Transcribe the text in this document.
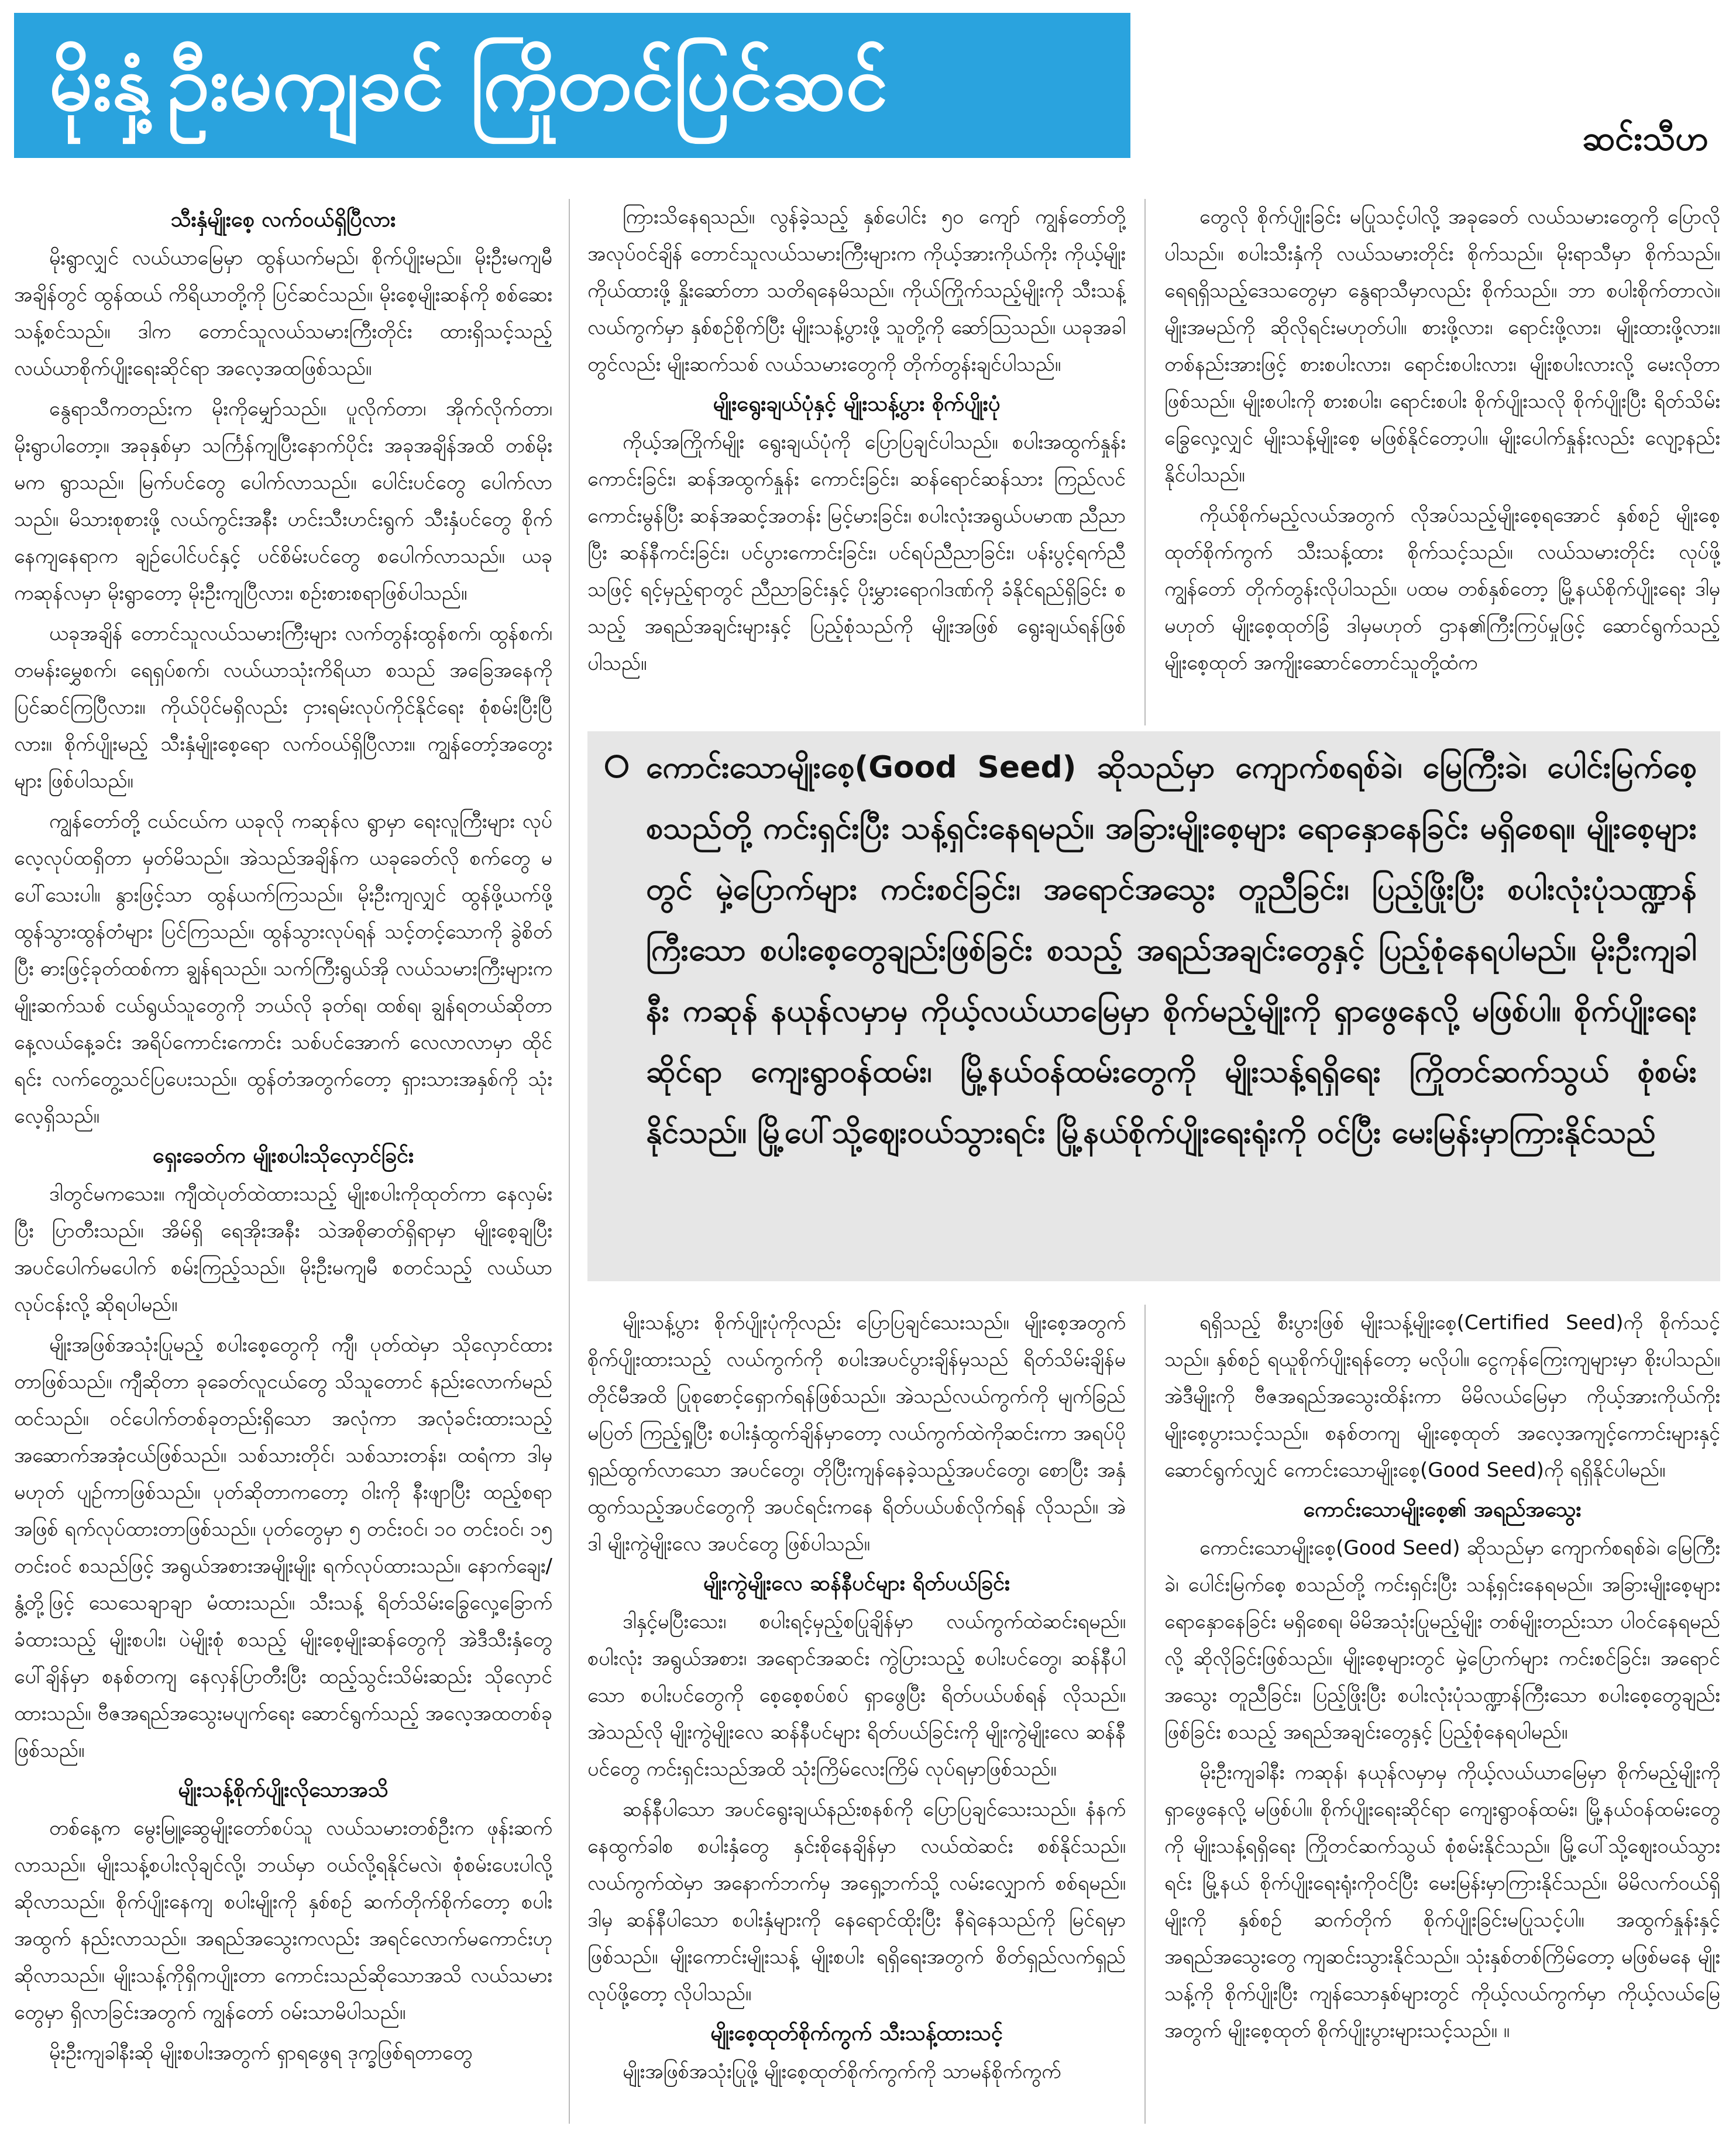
မိုးနှံ့ဦးမကျခင် ကြိုတင်ပြင်ဆင်
ဆင်းသီဟ
သီးနှံမျိုးစေ့ လက်ဝယ်ရှိပြီလား

မိုးရွာလျှင် လယ်ယာမြေမှာ ထွန်ယက်မည်၊ စိုက်ပျိုးမည်။ မိုးဦးမကျမီ အချိန်တွင် ထွန်ထယ် ကိရိယာတို့ကို ပြင်ဆင်သည်။ မိုးစေ့မျိုးဆန်ကို စစ်ဆေးသန့်စင်သည်။ ဒါက တောင်သူလယ်သမားကြီးတိုင်း ထားရှိသင့်သည့် လယ်ယာစိုက်ပျိုးရေးဆိုင်ရာ အလေ့အထဖြစ်သည်။

နွေရာသီကတည်းက မိုးကိုမျှော်သည်။ ပူလိုက်တာ၊ အိုက်လိုက်တာ၊ မိုးရွာပါတော့။ အခုနှစ်မှာ သင်္ကြန်ကျပြီးနောက်ပိုင်း အခုအချိန်အထိ တစ်မိုးမက ရွာသည်။ မြက်ပင်တွေ ပေါက်လာသည်။ ပေါင်းပင်တွေ ပေါက်လာသည်။ မိသားစုစားဖို့ လယ်ကွင်းအနီး ဟင်းသီးဟင်းရွက် သီးနှံပင်တွေ စိုက်နေကျနေရာက ချဉ်ပေါင်ပင်နှင့် ပင်စိမ်းပင်တွေ စပေါက်လာသည်။ ယခု ကဆုန်လမှာ မိုးရွာတော့ မိုးဦးကျပြီလား၊ စဉ်းစားစရာဖြစ်ပါသည်။

ယခုအချိန် တောင်သူလယ်သမားကြီးများ လက်တွန်းထွန်စက်၊ ထွန်စက်၊ တမန်းမွှေစက်၊ ရေရှပ်စက်၊ လယ်ယာသုံးကိရိယာ စသည် အခြေအနေကို ပြင်ဆင်ကြပြီလား။ ကိုယ်ပိုင်မရှိလည်း ငှားရမ်းလုပ်ကိုင်နိုင်ရေး စုံစမ်းပြီးပြီလား။ စိုက်ပျိုးမည့် သီးနှံမျိုးစေ့ရော လက်ဝယ်ရှိပြီလား။ ကျွန်တော့်အတွေးများ ဖြစ်ပါသည်။

ကျွန်တော်တို့ ငယ်ငယ်က ယခုလို ကဆုန်လ ရွာမှာ ရေးလူကြီးများ လုပ်လေ့လုပ်ထရှိတာ မှတ်မိသည်။ အဲသည်အချိန်က ယခုခေတ်လို စက်တွေ မပေါ်သေးပါ။ နွားဖြင့်သာ ထွန်ယက်ကြသည်။ မိုးဦးကျလျှင် ထွန်ဖို့ယက်ဖို့ ထွန်သွားထွန်တံများ ပြင်ကြသည်။ ထွန်သွားလုပ်ရန် သင့်တင့်သောကို ခွဲစိတ်ပြီး ဓားဖြင့်ခုတ်ထစ်ကာ ချွန်ရသည်။ သက်ကြီးရွယ်အို လယ်သမားကြီးများက မျိုးဆက်သစ် ငယ်ရွယ်သူတွေကို ဘယ်လို ခုတ်ရ၊ ထစ်ရ၊ ချွန်ရတယ်ဆိုတာ နေ့လယ်နေ့ခင်း အရိပ်ကောင်းကောင်း သစ်ပင်အောက် လေလာလာမှာ ထိုင်ရင်း လက်တွေ့သင်ပြပေးသည်။ ထွန်တံအတွက်တော့ ရှားသားအနှစ်ကို သုံးလေ့ရှိသည်။

ရှေးခေတ်က မျိုးစပါးသိုလှောင်ခြင်း

ဒါတွင်မကသေး။ ကျီထဲပုတ်ထဲထားသည့် မျိုးစပါးကိုထုတ်ကာ နေလှမ်းပြီး ပြာတီးသည်။ အိမ်ရှိ ရေအိုးအနီး သဲအစိုဓာတ်ရှိရာမှာ မျိုးစေ့ချပြီး အပင်ပေါက်မပေါက် စမ်းကြည့်သည်။ မိုးဦးမကျမီ စတင်သည့် လယ်ယာလုပ်ငန်းလို့ ဆိုရပါမည်။

မျိုးအဖြစ်အသုံးပြုမည့် စပါးစေ့တွေကို ကျီ၊ ပုတ်ထဲမှာ သိုလှောင်ထားတာဖြစ်သည်။ ကျီဆိုတာ ခုခေတ်လူငယ်တွေ သိသူတောင် နည်းလောက်မည်ထင်သည်။ ဝင်ပေါက်တစ်ခုတည်းရှိသော အလုံကာ အလုံခင်းထားသည့် အဆောက်အအုံငယ်ဖြစ်သည်။ သစ်သားတိုင်၊ သစ်သားတန်း၊ ထရံကာ ဒါမှမဟုတ် ပျဉ်ကာဖြစ်သည်။ ပုတ်ဆိုတာကတော့ ဝါးကို နီးဖျာပြီး ထည့်စရာအဖြစ် ရက်လုပ်ထားတာဖြစ်သည်။ ပုတ်တွေမှာ ၅ တင်းဝင်၊ ၁၀ တင်းဝင်၊ ၁၅ တင်းဝင် စသည်ဖြင့် အရွယ်အစားအမျိုးမျိုး ရက်လုပ်ထားသည်။ နောက်ချေး/နွံ့တို့ဖြင့် သေသေချာချာ မံထားသည်။ သီးသန့် ရိတ်သိမ်းခြွေလှေ့ခြောက်ခံထားသည့် မျိုးစပါး၊ ပဲမျိုးစုံ စသည့် မျိုးစေ့မျိုးဆန်တွေကို အဲဒီသီးနှံတွေ ပေါ်ချိန်မှာ စနစ်တကျ နေလှန်ပြာတီးပြီး ထည့်သွင်းသိမ်းဆည်း သိုလှောင်ထားသည်။ ဗီဇအရည်အသွေးမပျက်ရေး ဆောင်ရွက်သည့် အလေ့အထတစ်ခု ဖြစ်သည်။

မျိုးသန့်စိုက်ပျိုးလိုသောအသိ

တစ်နေ့က မွေးမြူ့ဆွေမျိုးတော်စပ်သူ လယ်သမားတစ်ဦးက ဖုန်းဆက်လာသည်။ မျိုးသန့်စပါးလိုချင်လို့၊ ဘယ်မှာ ဝယ်လို့ရနိုင်မလဲ၊ စုံစမ်းပေးပါလို့ ဆိုလာသည်။ စိုက်ပျိုးနေကျ စပါးမျိုးကို နှစ်စဉ် ဆက်တိုက်စိုက်တော့ စပါးအထွက် နည်းလာသည်။ အရည်အသွေးကလည်း အရင်လောက်မကောင်းဟု ဆိုလာသည်။ မျိုးသန့်ကိုရှိကပျိုးတာ ကောင်းသည်ဆိုသောအသိ လယ်သမားတွေမှာ ရှိလာခြင်းအတွက် ကျွန်တော် ဝမ်းသာမိပါသည်။

မိုးဦးကျခါနီးဆို မျိုးစပါးအတွက် ရှာရဖွေရ ဒုက္ခဖြစ်ရတာတွေ

ကြားသိနေရသည်။ လွန်ခဲ့သည့် နှစ်ပေါင်း ၅၀ ကျော် ကျွန်တော်တို့ အလုပ်ဝင်ချိန် တောင်သူလယ်သမားကြီးများက ကိုယ့်အားကိုယ်ကိုး ကိုယ့်မျိုးကိုယ်ထားဖို့ နှိုးဆော်တာ သတိရနေမိသည်။ ကိုယ်ကြိုက်သည့်မျိုးကို သီးသန့်လယ်ကွက်မှာ နှစ်စဉ်စိုက်ပြီး မျိုးသန့်ပွားဖို့ သူတို့ကို ဆော်သြသည်။ ယခုအခါတွင်လည်း မျိုးဆက်သစ် လယ်သမားတွေကို တိုက်တွန်းချင်ပါသည်။

မျိုးရွေးချယ်ပုံနှင့် မျိုးသန့်ပွား စိုက်ပျိုးပုံ

ကိုယ့်အကြိုက်မျိုး ရွေးချယ်ပုံကို ပြောပြချင်ပါသည်။ စပါးအထွက်နှုန်းကောင်းခြင်း၊ ဆန်အထွက်နှုန်း ကောင်းခြင်း၊ ဆန်ရောင်ဆန်သား ကြည်လင်ကောင်းမွန်ပြီး ဆန်အဆင့်အတန်း မြင့်မားခြင်း၊ စပါးလုံးအရွယ်ပမာဏ ညီညာပြီး ဆန်နီကင်းခြင်း၊ ပင်ပွားကောင်းခြင်း၊ ပင်ရပ်ညီညာခြင်း၊ ပန်းပွင့်ရက်ညီသဖြင့် ရင့်မှည့်ရာတွင် ညီညာခြင်းနှင့် ပိုးမွှားရောဂါဒဏ်ကို ခံနိုင်ရည်ရှိခြင်း စသည့် အရည်အချင်းများနှင့် ပြည့်စုံသည်ကို မျိုးအဖြစ် ရွေးချယ်ရန်ဖြစ်ပါသည်။

တွေလို စိုက်ပျိုးခြင်း မပြုသင့်ပါလို့ အခုခေတ် လယ်သမားတွေကို ပြောလိုပါသည်။ စပါးသီးနှံကို လယ်သမားတိုင်း စိုက်သည်။ မိုးရာသီမှာ စိုက်သည်။ ရေရရှိသည့်ဒေသတွေမှာ နွေရာသီမှာလည်း စိုက်သည်။ ဘာ စပါးစိုက်တာလဲ။ မျိုးအမည်ကို ဆိုလိုရင်းမဟုတ်ပါ။ စားဖို့လား၊ ရောင်းဖို့လား၊ မျိုးထားဖို့လား။ တစ်နည်းအားဖြင့် စားစပါးလား၊ ရောင်းစပါးလား၊ မျိုးစပါးလားလို့ မေးလိုတာဖြစ်သည်။ မျိုးစပါးကို စားစပါး၊ ရောင်းစပါး စိုက်ပျိုးသလို စိုက်ပျိုးပြီး ရိတ်သိမ်းခြွေလှေ့လျှင် မျိုးသန့်မျိုးစေ့ မဖြစ်နိုင်တော့ပါ။ မျိုးပေါက်နှုန်းလည်း လျော့နည်းနိုင်ပါသည်။

ကိုယ်စိုက်မည့်လယ်အတွက် လိုအပ်သည့်မျိုးစေ့ရအောင် နှစ်စဉ် မျိုးစေ့ထုတ်စိုက်ကွက် သီးသန့်ထား စိုက်သင့်သည်။ လယ်သမားတိုင်း လုပ်ဖို့ ကျွန်တော် တိုက်တွန်းလိုပါသည်။ ပထမ တစ်နှစ်တော့ မြို့နယ်စိုက်ပျိုးရေး ဒါမှမဟုတ် မျိုးစေ့ထုတ်ခြံ ဒါမှမဟုတ် ဌာန၏ကြီးကြပ်မှုဖြင့် ဆောင်ရွက်သည့် မျိုးစေ့ထုတ် အကျိုးဆောင်တောင်သူတို့ထံက

ကောင်းသောမျိုးစေ့(Good Seed) ဆိုသည်မှာ ကျောက်စရစ်ခဲ၊ မြေကြီးခဲ၊ ပေါင်းမြက်စေ့ စသည်တို့ ကင်းရှင်းပြီး သန့်ရှင်းနေရမည်။ အခြားမျိုးစေ့များ ရောနှောနေခြင်း မရှိစေရ။ မျိုးစေ့များတွင် မှဲ့ပြောက်များ ကင်းစင်ခြင်း၊ အရောင်အသွေး တူညီခြင်း၊ ပြည့်ဖြိုးပြီး စပါးလုံးပုံသဏ္ဍာန်ကြီးသော စပါးစေ့တွေချည်းဖြစ်ခြင်း စသည့် အရည်အချင်းတွေနှင့် ပြည့်စုံနေရပါမည်။ မိုးဦးကျခါနီး ကဆုန် နယုန်လမှာမှ ကိုယ့်လယ်ယာမြေမှာ စိုက်မည့်မျိုးကို ရှာဖွေနေလို့ မဖြစ်ပါ။ စိုက်ပျိုးရေးဆိုင်ရာ ကျေးရွာဝန်ထမ်း၊ မြို့နယ်ဝန်ထမ်းတွေကို မျိုးသန့်ရရှိရေး ကြိုတင်ဆက်သွယ် စုံစမ်းနိုင်သည်။ မြို့ပေါ်သို့ဈေးဝယ်သွားရင်း မြို့နယ်စိုက်ပျိုးရေးရုံးကို ဝင်ပြီး မေးမြန်းမှာကြားနိုင်သည်

မျိုးသန့်ပွား စိုက်ပျိုးပုံကိုလည်း ပြောပြချင်သေးသည်။ မျိုးစေ့အတွက် စိုက်ပျိုးထားသည့် လယ်ကွက်ကို စပါးအပင်ပွားချိန်မှသည် ရိတ်သိမ်းချိန်မတိုင်မီအထိ ပြုစုစောင့်ရှောက်ရန်ဖြစ်သည်။ အဲသည်လယ်ကွက်ကို မျက်ခြည်မပြတ် ကြည့်ရှုပြီး စပါးနှံထွက်ချိန်မှာတော့ လယ်ကွက်ထဲကိုဆင်းကာ အရပ်ပိုရှည်ထွက်လာသော အပင်တွေ၊ တိုပြီးကျန်နေခဲ့သည့်အပင်တွေ၊ စောပြီး အနှံထွက်သည့်အပင်တွေကို အပင်ရင်းကနေ ရိတ်ပယ်ပစ်လိုက်ရန် လိုသည်။ အဲဒါ မျိုးကွဲမျိုးလေ အပင်တွေ ဖြစ်ပါသည်။

မျိုးကွဲမျိုးလေ ဆန်နီပင်များ ရိတ်ပယ်ခြင်း

ဒါနှင့်မပြီးသေး၊ စပါးရင့်မှည့်စပြုချိန်မှာ လယ်ကွက်ထဲဆင်းရမည်။ စပါးလုံး အရွယ်အစား၊ အရောင်အဆင်း ကွဲပြားသည့် စပါးပင်တွေ၊ ဆန်နီပါသော စပါးပင်တွေကို စေ့စေ့စပ်စပ် ရှာဖွေပြီး ရိတ်ပယ်ပစ်ရန် လိုသည်။ အဲသည်လို မျိုးကွဲမျိုးလေ ဆန်နီပင်များ ရိတ်ပယ်ခြင်းကို မျိုးကွဲမျိုးလေ ဆန်နီပင်တွေ ကင်းရှင်းသည်အထိ သုံးကြိမ်လေးကြိမ် လုပ်ရမှာဖြစ်သည်။

ဆန်နီပါသော အပင်ရွေးချယ်နည်းစနစ်ကို ပြောပြချင်သေးသည်။ နံနက် နေထွက်ခါစ စပါးနှံတွေ နှင်းစိုနေချိန်မှာ လယ်ထဲဆင်း စစ်နိုင်သည်။ လယ်ကွက်ထဲမှာ အနောက်ဘက်မှ အရှေ့ဘက်သို့ လမ်းလျှောက် စစ်ရမည်။ ဒါမှ ဆန်နီပါသော စပါးနှံများကို နေရောင်ထိုးပြီး နီရဲနေသည်ကို မြင်ရမှာဖြစ်သည်။ မျိုးကောင်းမျိုးသန့် မျိုးစပါး ရရှိရေးအတွက် စိတ်ရှည်လက်ရှည်လုပ်ဖို့တော့ လိုပါသည်။

မျိုးစေ့ထုတ်စိုက်ကွက် သီးသန့်ထားသင့်

မျိုးအဖြစ်အသုံးပြုဖို့ မျိုးစေ့ထုတ်စိုက်ကွက်ကို သာမန်စိုက်ကွက်

ရရှိသည့် စီးပွားဖြစ် မျိုးသန့်မျိုးစေ့(Certified Seed)ကို စိုက်သင့်သည်။ နှစ်စဉ် ရယူစိုက်ပျိုးရန်တော့ မလိုပါ။ ငွေကုန်ကြေးကျများမှာ စိုးပါသည်။ အဲဒီမျိုးကို ဗီဇအရည်အသွေးထိန်းကာ မိမိလယ်မြေမှာ ကိုယ့်အားကိုယ်ကိုး မျိုးစေ့ပွားသင့်သည်။ စနစ်တကျ မျိုးစေ့ထုတ် အလေ့အကျင့်ကောင်းများနှင့် ဆောင်ရွက်လျှင် ကောင်းသောမျိုးစေ့(Good Seed)ကို ရရှိနိုင်ပါမည်။

ကောင်းသောမျိုးစေ့၏ အရည်အသွေး

ကောင်းသောမျိုးစေ့(Good Seed) ဆိုသည်မှာ ကျောက်စရစ်ခဲ၊ မြေကြီးခဲ၊ ပေါင်းမြက်စေ့ စသည်တို့ ကင်းရှင်းပြီး သန့်ရှင်းနေရမည်။ အခြားမျိုးစေ့များ ရောနှောနေခြင်း မရှိစေရ၊ မိမိအသုံးပြုမည့်မျိုး တစ်မျိုးတည်းသာ ပါဝင်နေရမည်လို့ ဆိုလိုခြင်းဖြစ်သည်။ မျိုးစေ့များတွင် မှဲ့ပြောက်များ ကင်းစင်ခြင်း၊ အရောင်အသွေး တူညီခြင်း၊ ပြည့်ဖြိုးပြီး စပါးလုံးပုံသဏ္ဍာန်ကြီးသော စပါးစေ့တွေချည်းဖြစ်ခြင်း စသည့် အရည်အချင်းတွေနှင့် ပြည့်စုံနေရပါမည်။

မိုးဦးကျခါနီး ကဆုန်၊ နယုန်လမှာမှ ကိုယ့်လယ်ယာမြေမှာ စိုက်မည့်မျိုးကို ရှာဖွေနေလို့ မဖြစ်ပါ။ စိုက်ပျိုးရေးဆိုင်ရာ ကျေးရွာဝန်ထမ်း၊ မြို့နယ်ဝန်ထမ်းတွေကို မျိုးသန့်ရရှိရေး ကြိုတင်ဆက်သွယ် စုံစမ်းနိုင်သည်။ မြို့ပေါ်သို့ဈေးဝယ်သွားရင်း မြို့နယ် စိုက်ပျိုးရေးရုံးကိုဝင်ပြီး မေးမြန်းမှာကြားနိုင်သည်။ မိမိလက်ဝယ်ရှိမျိုးကို နှစ်စဉ် ဆက်တိုက် စိုက်ပျိုးခြင်းမပြုသင့်ပါ။ အထွက်နှုန်းနှင့် အရည်အသွေးတွေ ကျဆင်းသွားနိုင်သည်။ သုံးနှစ်တစ်ကြိမ်တော့ မဖြစ်မနေ မျိုးသန့်ကို စိုက်ပျိုးပြီး ကျန်သောနှစ်များတွင် ကိုယ့်လယ်ကွက်မှာ ကိုယ့်လယ်မြေအတွက် မျိုးစေ့ထုတ် စိုက်ပျိုးပွားများသင့်သည်။ ။
